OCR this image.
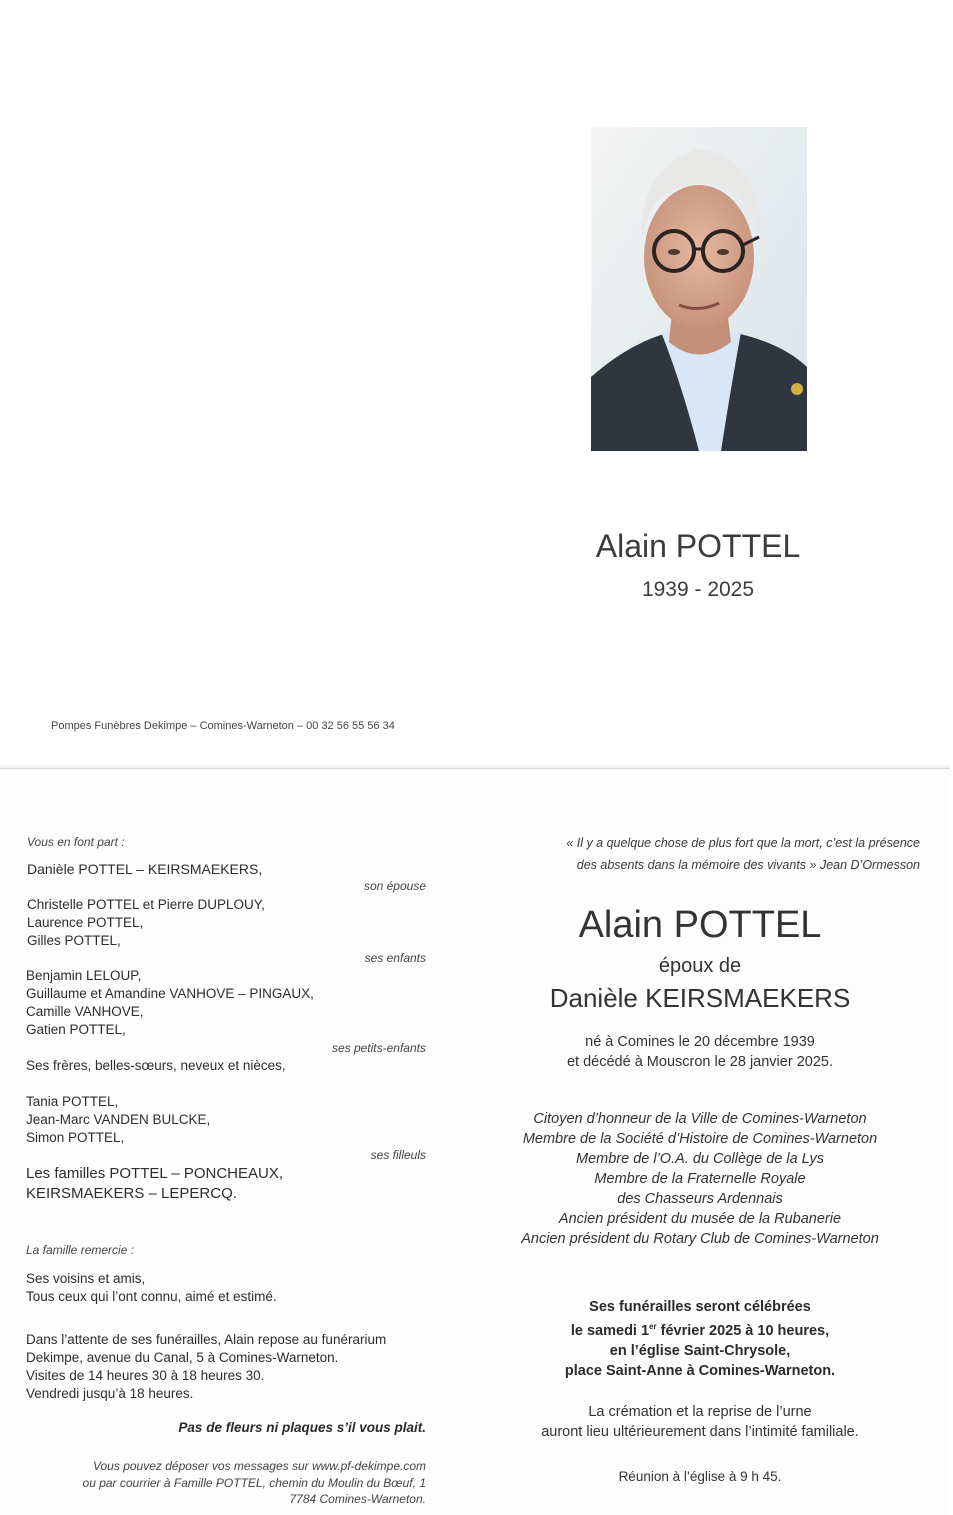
Alain POTTEL
1939 - 2025
Pompes Funèbres Dekimpe – Comines-Warneton – 00 32 56 55 56 34
Vous en font part :
Danièle POTTEL – KEIRSMAEKERS,
son épouse
Christelle POTTEL et Pierre DUPLOUY,
Laurence POTTEL,
Gilles POTTEL,
ses enfants
Benjamin LELOUP,
Guillaume et Amandine VANHOVE – PINGAUX,
Camille VANHOVE,
Gatien POTTEL,
ses petits-enfants
Ses frères, belles-sœurs, neveux et nièces,
Tania POTTEL,
Jean-Marc VANDEN BULCKE,
Simon POTTEL,
ses filleuls
Les familles POTTEL – PONCHEAUX,
KEIRSMAEKERS – LEPERCQ.
La famille remercie :
Ses voisins et amis,
Tous ceux qui l’ont connu, aimé et estimé.
Dans l’attente de ses funérailles, Alain repose au funérarium
Dekimpe, avenue du Canal, 5 à Comines-Warneton.
Visites de 14 heures 30 à 18 heures 30.
Vendredi jusqu’à 18 heures.
Pas de fleurs ni plaques s’il vous plait.
Vous pouvez déposer vos messages sur www.pf-dekimpe.com
ou par courrier à Famille POTTEL, chemin du Moulin du Bœuf, 1
7784 Comines-Warneton.
« Il y a quelque chose de plus fort que la mort, c’est la présence
des absents dans la mémoire des vivants » Jean D’Ormesson
Alain POTTEL
époux de
Danièle KEIRSMAEKERS
né à Comines le 20 décembre 1939
et décédé à Mouscron le 28 janvier 2025.
Citoyen d’honneur de la Ville de Comines-Warneton
Membre de la Société d’Histoire de Comines-Warneton
Membre de l’O.A. du Collège de la Lys
Membre de la Fraternelle Royale
des Chasseurs Ardennais
Ancien président du musée de la Rubanerie
Ancien président du Rotary Club de Comines-Warneton
Ses funérailles seront célébrées
le samedi 1er février 2025 à 10 heures,
en l’église Saint-Chrysole,
place Saint-Anne à Comines-Warneton.
La crémation et la reprise de l’urne
auront lieu ultérieurement dans l’intimité familiale.
Réunion à l’église à 9 h 45.
